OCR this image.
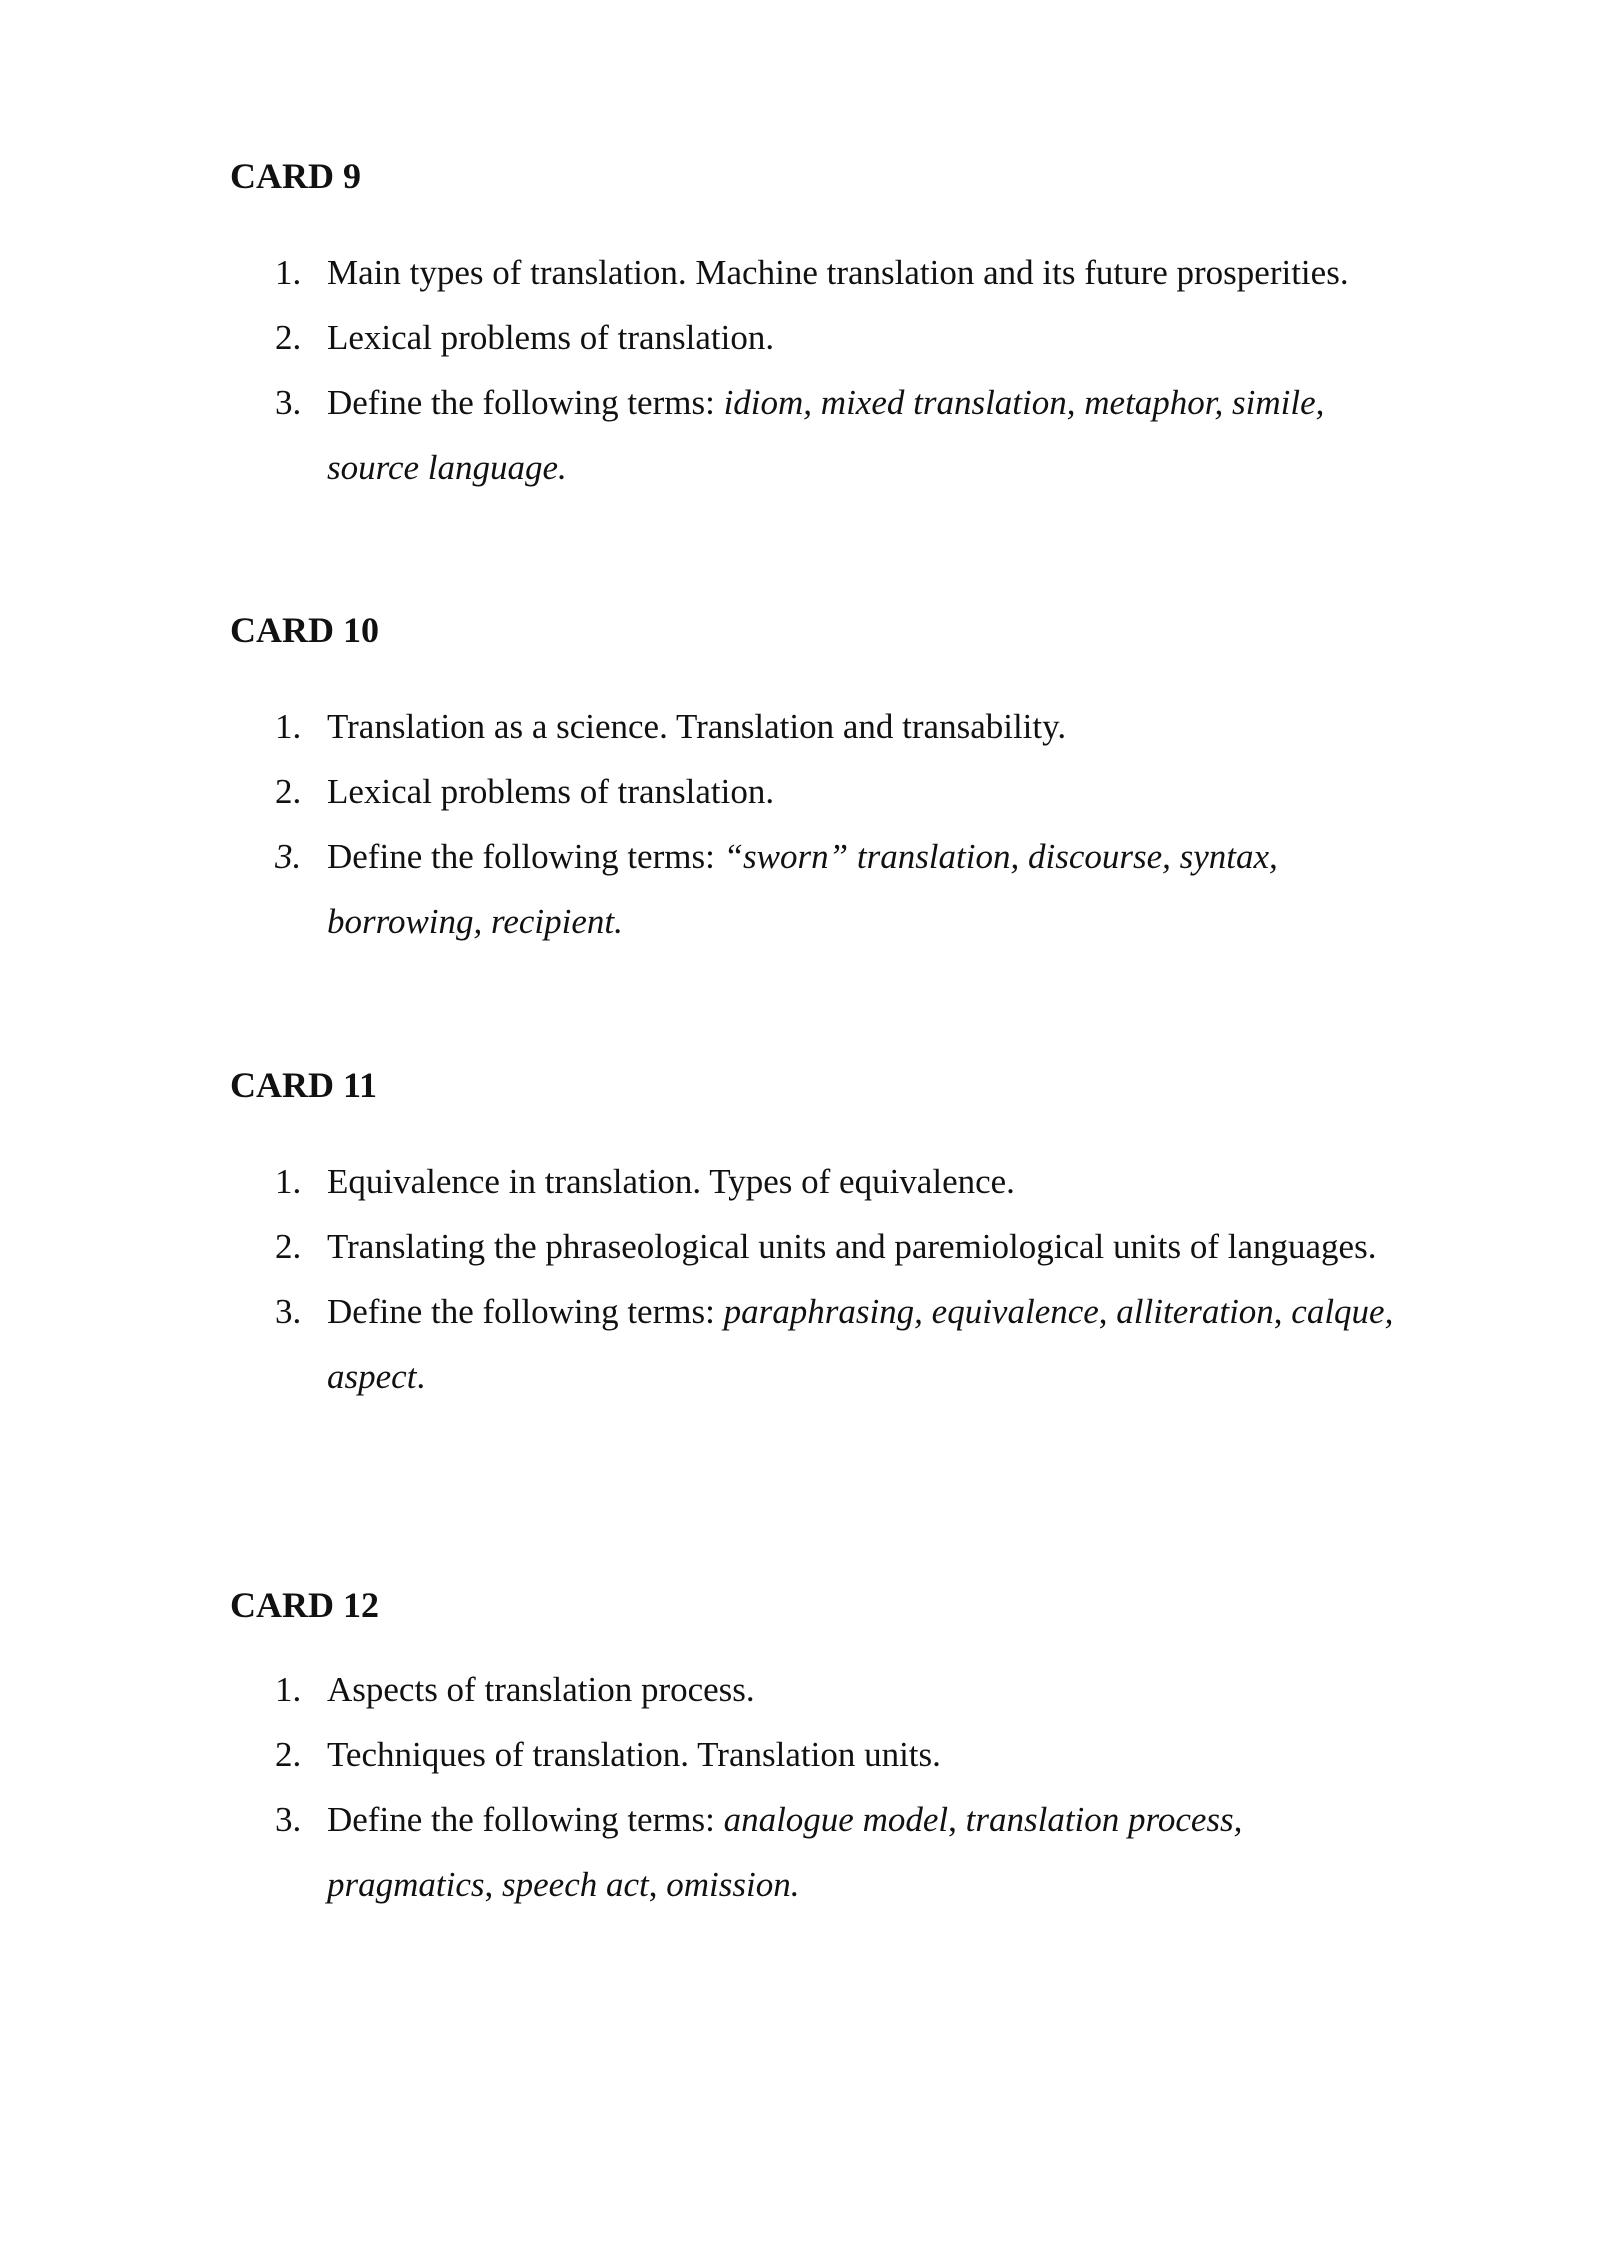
CARD 9
1. Main types of translation. Machine translation and its future prosperities.
2. Lexical problems of translation.
3. Define the following terms: idiom, mixed translation, metaphor, simile,
source language.
CARD 10
1. Translation as a science. Translation and transability.
2. Lexical problems of translation.
3. Define the following terms: “sworn” translation, discourse, syntax,
borrowing, recipient.
CARD 11
1. Equivalence in translation. Types of equivalence.
2. Translating the phraseological units and paremiological units of languages.
3. Define the following terms: paraphrasing, equivalence, alliteration, calque,
aspect.
CARD 12
1. Aspects of translation process.
2. Techniques of translation. Translation units.
3. Define the following terms: analogue model, translation process,
pragmatics, speech act, omission.
